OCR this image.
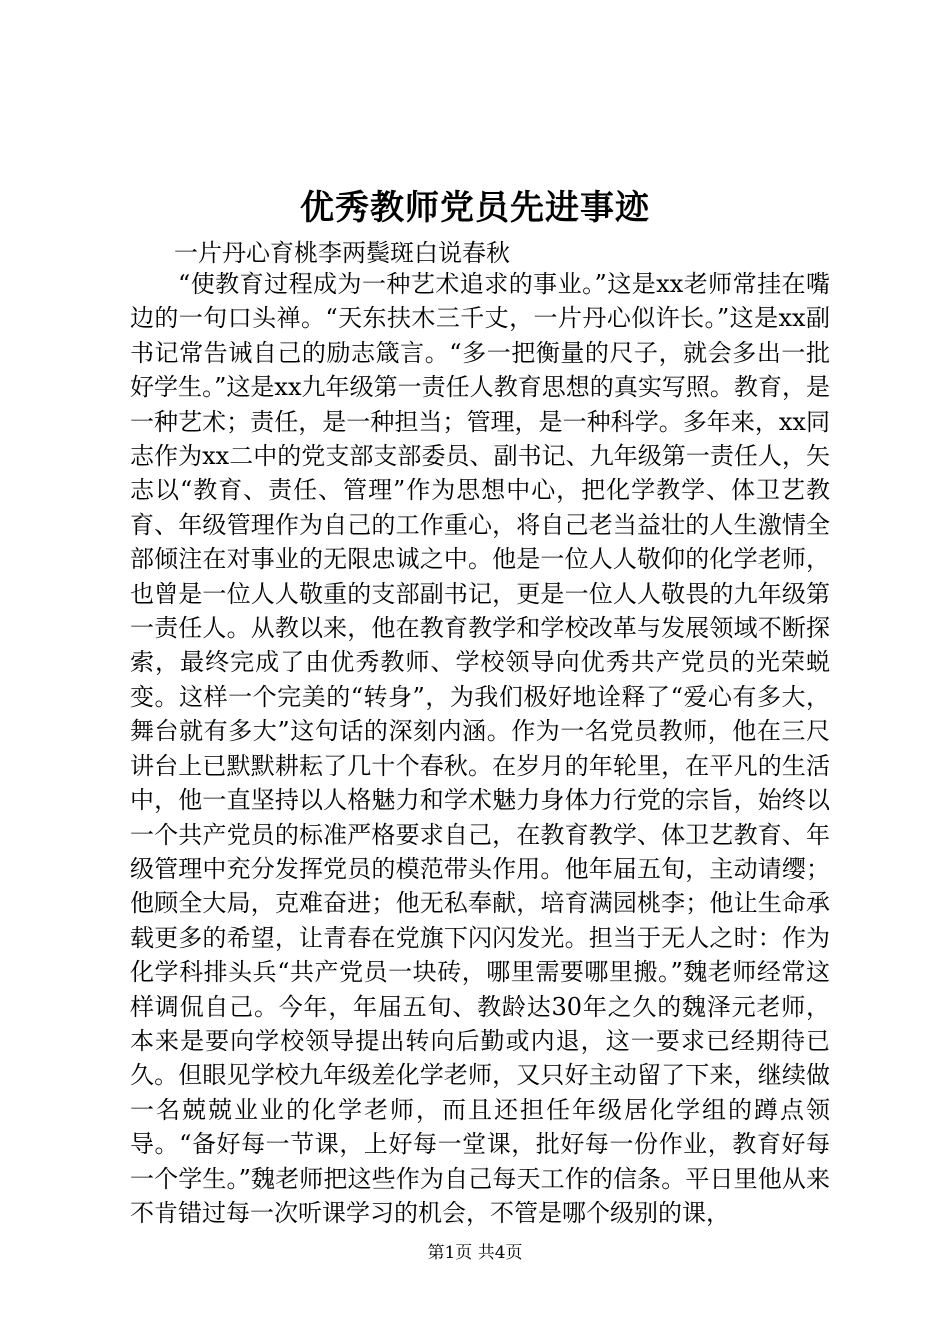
优秀教师党员先进事迹

一片丹心育桃李两鬓斑白说春秋

“使教育过程成为一种艺术追求的事业。”这是xx老师常挂在嘴边的一句口头禅。“天东扶木三千丈，一片丹心似许长。”这是xx副书记常告诫自己的励志箴言。“多一把衡量的尺子，就会多出一批好学生。”这是xx九年级第一责任人教育思想的真实写照。教育，是一种艺术；责任，是一种担当；管理，是一种科学。多年来，xx同志作为xx二中的党支部支部委员、副书记、九年级第一责任人，矢志以“教育、责任、管理”作为思想中心，把化学教学、体卫艺教育、年级管理作为自己的工作重心，将自己老当益壮的人生激情全部倾注在对事业的无限忠诚之中。他是一位人人敬仰的化学老师，也曾是一位人人敬重的支部副书记，更是一位人人敬畏的九年级第一责任人。从教以来，他在教育教学和学校改革与发展领域不断探索，最终完成了由优秀教师、学校领导向优秀共产党员的光荣蜕变。这样一个完美的“转身”，为我们极好地诠释了“爱心有多大，舞台就有多大”这句话的深刻内涵。作为一名党员教师，他在三尺讲台上已默默耕耘了几十个春秋。在岁月的年轮里，在平凡的生活中，他一直坚持以人格魅力和学术魅力身体力行党的宗旨，始终以一个共产党员的标准严格要求自己，在教育教学、体卫艺教育、年级管理中充分发挥党员的模范带头作用。他年届五旬，主动请缨；他顾全大局，克难奋进；他无私奉献，培育满园桃李；他让生命承载更多的希望，让青春在党旗下闪闪发光。担当于无人之时：作为化学科排头兵“共产党员一块砖，哪里需要哪里搬。”魏老师经常这样调侃自己。今年，年届五旬、教龄达30年之久的魏泽元老师，本来是要向学校领导提出转向后勤或内退，这一要求已经期待已久。但眼见学校九年级差化学老师，又只好主动留了下来，继续做一名兢兢业业的化学老师，而且还担任年级居化学组的蹲点领导。“备好每一节课，上好每一堂课，批好每一份作业，教育好每一个学生。”魏老师把这些作为自己每天工作的信条。平日里他从来不肯错过每一次听课学习的机会，不管是哪个级别的课，

第1页 共4页
